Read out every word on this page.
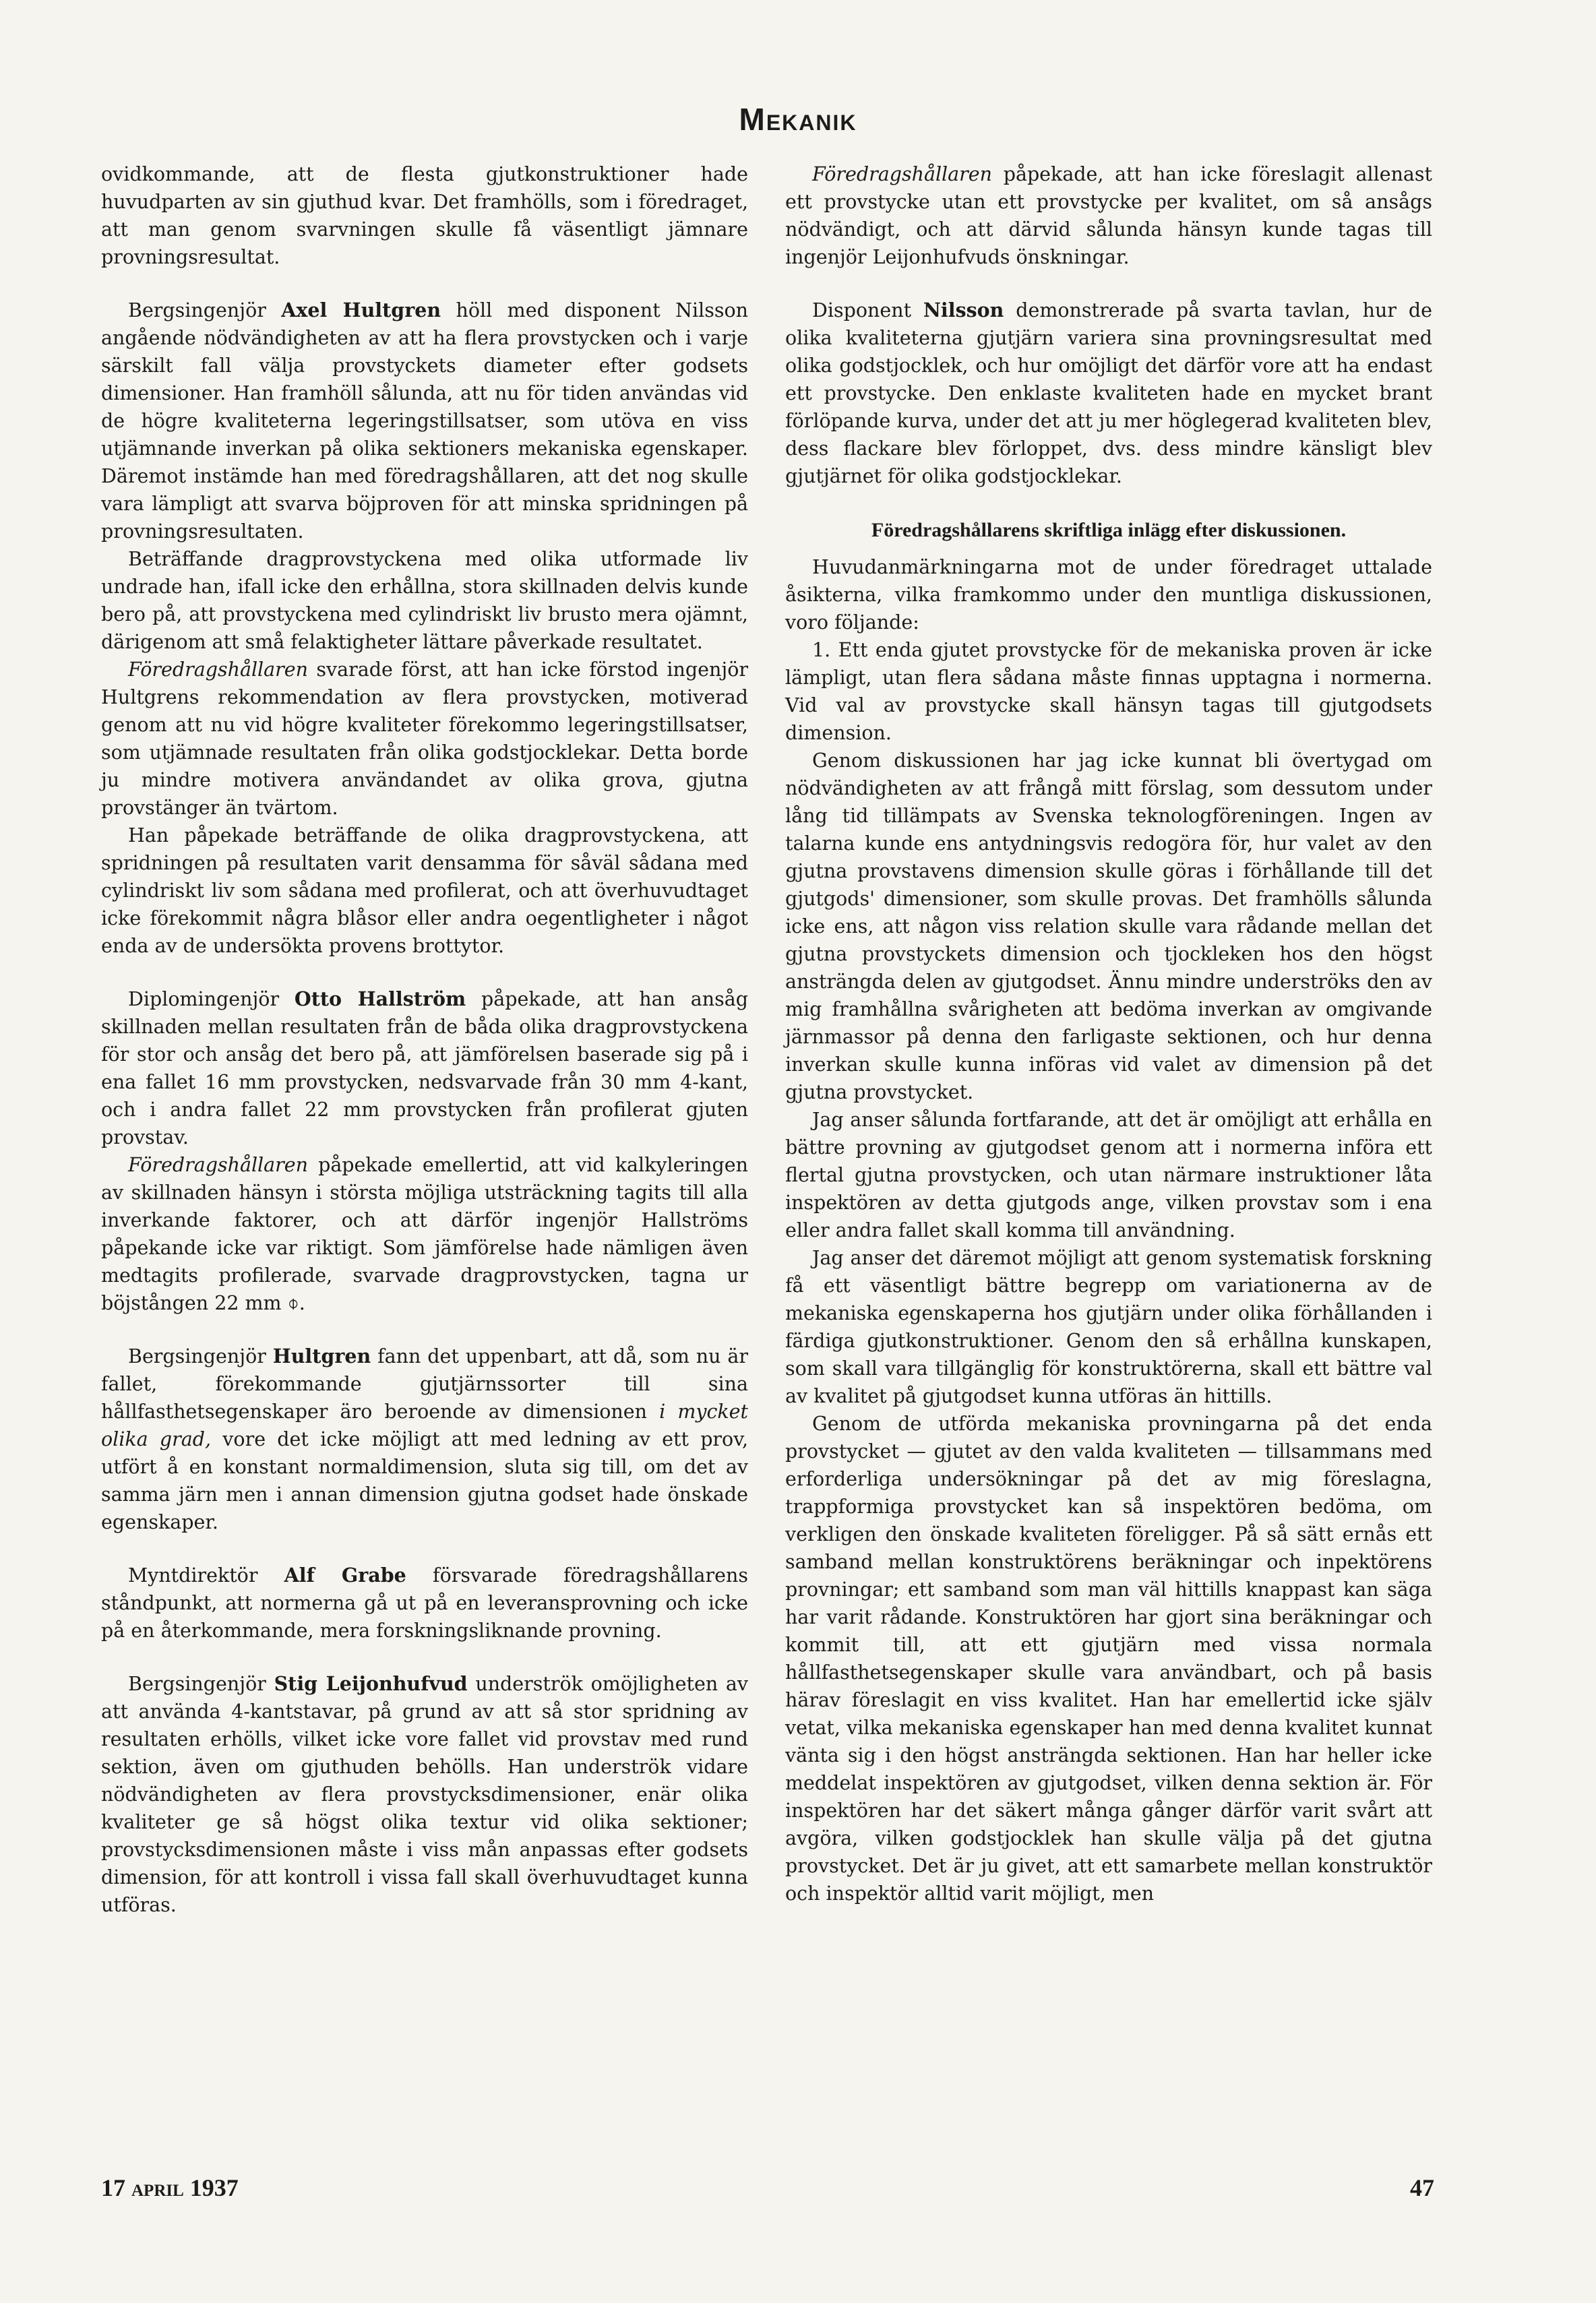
Mekanik

ovidkommande, att de flesta gjutkonstruktioner hade huvudparten av sin gjuthud kvar. Det framhölls, som i föredraget, att man genom svarvningen skulle få väsentligt jämnare provningsresultat.

Bergsingenjör Axel Hultgren höll med disponent Nilsson angående nödvändigheten av att ha flera provstycken och i varje särskilt fall välja provstyckets diameter efter godsets dimensioner. Han framhöll sålunda, att nu för tiden användas vid de högre kvaliteterna legeringstillsatser, som utöva en viss utjämnande inverkan på olika sektioners mekaniska egenskaper. Däremot instämde han med föredragshållaren, att det nog skulle vara lämpligt att svarva böjproven för att minska spridningen på provningsresultaten.

Beträffande dragprovstyckena med olika utformade liv undrade han, ifall icke den erhållna, stora skillnaden delvis kunde bero på, att provstyckena med cylindriskt liv brusto mera ojämnt, därigenom att små felaktigheter lättare påverkade resultatet.

Föredragshållaren svarade först, att han icke förstod ingenjör Hultgrens rekommendation av flera provstycken, motiverad genom att nu vid högre kvaliteter förekommo legeringstillsatser, som utjämnade resultaten från olika godstjocklekar. Detta borde ju mindre motivera användandet av olika grova, gjutna provstänger än tvärtom.

Han påpekade beträffande de olika dragprovstyckena, att spridningen på resultaten varit densamma för såväl sådana med cylindriskt liv som sådana med profilerat, och att överhuvudtaget icke förekommit några blåsor eller andra oegentligheter i något enda av de undersökta provens brottytor.

Diplomingenjör Otto Hallström påpekade, att han ansåg skillnaden mellan resultaten från de båda olika dragprovstyckena för stor och ansåg det bero på, att jämförelsen baserade sig på i ena fallet 16 mm provstycken, nedsvarvade från 30 mm 4-kant, och i andra fallet 22 mm provstycken från profilerat gjuten provstav.

Föredragshållaren påpekade emellertid, att vid kalkyleringen av skillnaden hänsyn i största möjliga utsträckning tagits till alla inverkande faktorer, och att därför ingenjör Hallströms påpekande icke var riktigt. Som jämförelse hade nämligen även medtagits profilerade, svarvade dragprovstycken, tagna ur böjstången 22 mm ⌽.

Bergsingenjör Hultgren fann det uppenbart, att då, som nu är fallet, förekommande gjutjärnssorter till sina hållfasthetsegenskaper äro beroende av dimensionen i mycket olika grad, vore det icke möjligt att med ledning av ett prov, utfört å en konstant normaldimension, sluta sig till, om det av samma järn men i annan dimension gjutna godset hade önskade egenskaper.

Myntdirektör Alf Grabe försvarade föredragshållarens ståndpunkt, att normerna gå ut på en leveransprovning och icke på en återkommande, mera forskningsliknande provning.

Bergsingenjör Stig Leijonhufvud underströk omöjligheten av att använda 4-kantstavar, på grund av att så stor spridning av resultaten erhölls, vilket icke vore fallet vid provstav med rund sektion, även om gjuthuden behölls. Han underströk vidare nödvändigheten av flera provstycksdimensioner, enär olika kvaliteter ge så högst olika textur vid olika sektioner; provstycksdimensionen måste i viss mån anpassas efter godsets dimension, för att kontroll i vissa fall skall överhuvudtaget kunna utföras.

Föredragshållaren påpekade, att han icke föreslagit allenast ett provstycke utan ett provstycke per kvalitet, om så ansågs nödvändigt, och att därvid sålunda hänsyn kunde tagas till ingenjör Leijonhufvuds önskningar.

Disponent Nilsson demonstrerade på svarta tavlan, hur de olika kvaliteterna gjutjärn variera sina provningsresultat med olika godstjocklek, och hur omöjligt det därför vore att ha endast ett provstycke. Den enklaste kvaliteten hade en mycket brant förlöpande kurva, under det att ju mer höglegerad kvaliteten blev, dess flackare blev förloppet, dvs. dess mindre känsligt blev gjutjärnet för olika godstjocklekar.

Föredragshållarens skriftliga inlägg efter diskussionen.

Huvudanmärkningarna mot de under föredraget uttalade åsikterna, vilka framkommo under den muntliga diskussionen, voro följande:

1. Ett enda gjutet provstycke för de mekaniska proven är icke lämpligt, utan flera sådana måste finnas upptagna i normerna. Vid val av provstycke skall hänsyn tagas till gjutgodsets dimension.

Genom diskussionen har jag icke kunnat bli övertygad om nödvändigheten av att frångå mitt förslag, som dessutom under lång tid tillämpats av Svenska teknologföreningen. Ingen av talarna kunde ens antydningsvis redogöra för, hur valet av den gjutna provstavens dimension skulle göras i förhållande till det gjutgods' dimensioner, som skulle provas. Det framhölls sålunda icke ens, att någon viss relation skulle vara rådande mellan det gjutna provstyckets dimension och tjockleken hos den högst ansträngda delen av gjutgodset. Ännu mindre underströks den av mig framhållna svårigheten att bedöma inverkan av omgivande järnmassor på denna den farligaste sektionen, och hur denna inverkan skulle kunna införas vid valet av dimension på det gjutna provstycket.

Jag anser sålunda fortfarande, att det är omöjligt att erhålla en bättre provning av gjutgodset genom att i normerna införa ett flertal gjutna provstycken, och utan närmare instruktioner låta inspektören av detta gjutgods ange, vilken provstav som i ena eller andra fallet skall komma till användning.

Jag anser det däremot möjligt att genom systematisk forskning få ett väsentligt bättre begrepp om variationerna av de mekaniska egenskaperna hos gjutjärn under olika förhållanden i färdiga gjutkonstruktioner. Genom den så erhållna kunskapen, som skall vara tillgänglig för konstruktörerna, skall ett bättre val av kvalitet på gjutgodset kunna utföras än hittills.

Genom de utförda mekaniska provningarna på det enda provstycket — gjutet av den valda kvaliteten — tillsammans med erforderliga undersökningar på det av mig föreslagna, trappformiga provstycket kan så inspektören bedöma, om verkligen den önskade kvaliteten föreligger. På så sätt ernås ett samband mellan konstruktörens beräkningar och inpektörens provningar; ett samband som man väl hittills knappast kan säga har varit rådande. Konstruktören har gjort sina beräkningar och kommit till, att ett gjutjärn med vissa normala hållfasthetsegenskaper skulle vara användbart, och på basis härav föreslagit en viss kvalitet. Han har emellertid icke själv vetat, vilka mekaniska egenskaper han med denna kvalitet kunnat vänta sig i den högst ansträngda sektionen. Han har heller icke meddelat inspektören av gjutgodset, vilken denna sektion är. För inspektören har det säkert många gånger därför varit svårt att avgöra, vilken godstjocklek han skulle välja på det gjutna provstycket. Det är ju givet, att ett samarbete mellan konstruktör och inspektör alltid varit möjligt, men

17 april 1937	47
